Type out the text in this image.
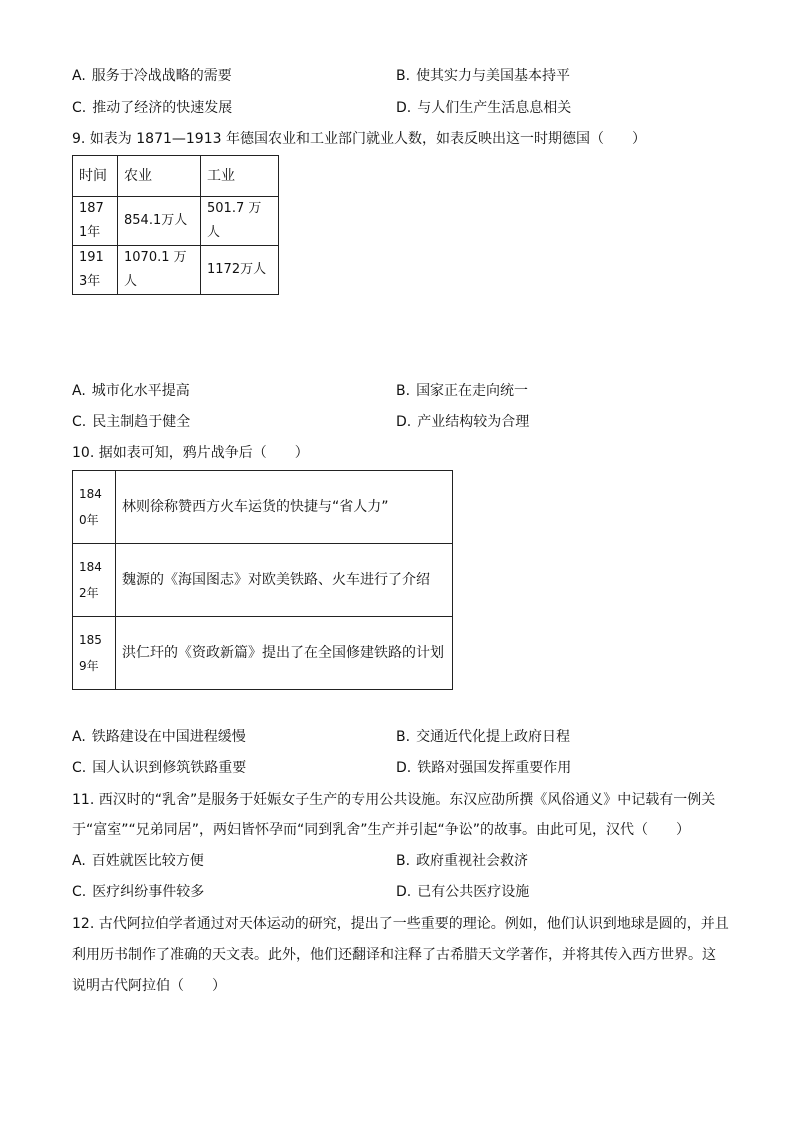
A. 服务于冷战战略的需要	B. 使其实力与美国基本持平
C. 推动了经济的快速发展	D. 与人们生产生活息息相关
9. 如表为 1871—1913 年德国农业和工业部门就业人数，如表反映出这一时期德国（　　）
时间	农业	工业
1871年	854.1万人	501.7 万人
1913年	1070.1 万人	1172万人
A. 城市化水平提高	B. 国家正在走向统一
C. 民主制趋于健全	D. 产业结构较为合理
10. 据如表可知，鸦片战争后（　　）
1840年	林则徐称赞西方火车运货的快捷与“省人力”
1842年	魏源的《海国图志》对欧美铁路、火车进行了介绍
1859年	洪仁玕的《资政新篇》提出了在全国修建铁路的计划
A. 铁路建设在中国进程缓慢	B. 交通近代化提上政府日程
C. 国人认识到修筑铁路重要	D. 铁路对强国发挥重要作用
11. 西汉时的“乳舍”是服务于妊娠女子生产的专用公共设施。东汉应劭所撰《风俗通义》中记载有一例关
于“富室”“兄弟同居”，两妇皆怀孕而“同到乳舍”生产并引起“争讼”的故事。由此可见，汉代（　　）
A. 百姓就医比较方便	B. 政府重视社会救济
C. 医疗纠纷事件较多	D. 已有公共医疗设施
12. 古代阿拉伯学者通过对天体运动的研究，提出了一些重要的理论。例如，他们认识到地球是圆的，并且
利用历书制作了准确的天文表。此外，他们还翻译和注释了古希腊天文学著作，并将其传入西方世界。这
说明古代阿拉伯（　　）
